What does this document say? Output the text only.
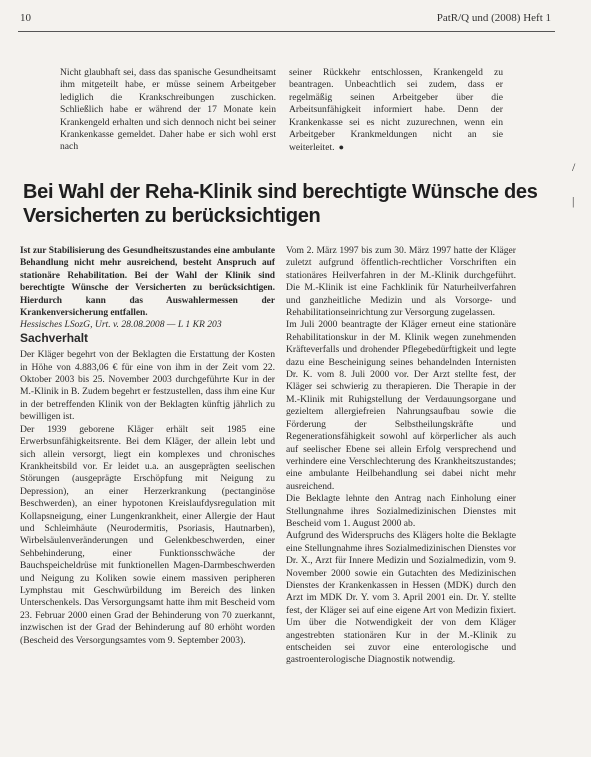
10	PatR/Q und (2008) Heft 1

Nicht glaubhaft sei, dass das spanische Gesundheitsamt ihm mitgeteilt habe, er müsse seinem Arbeitgeber lediglich die Krankschreibungen zuschicken. Schließlich habe er während der 17 Monate kein Krankengeld erhalten und sich dennoch nicht bei seiner Krankenkasse gemeldet. Daher habe er sich wohl erst nach

seiner Rückkehr entschlossen, Krankengeld zu beantragen. Unbeachtlich sei zudem, dass er regelmäßig seinen Arbeitgeber über die Arbeitsunfähigkeit informiert habe. Denn der Krankenkasse sei es nicht zuzurechnen, wenn ein Arbeitgeber Krankmeldungen nicht an sie weiterleitet. ●

/
|
Bei Wahl der Reha-Klinik sind berechtigte Wünsche des
Versicherten zu berücksichtigen

Ist zur Stabilisierung des Gesundheitszustandes eine ambulante Behandlung nicht mehr ausreichend, besteht Anspruch auf stationäre Rehabilitation. Bei der Wahl der Klinik sind berechtigte Wünsche der Versicherten zu berücksichtigen. Hierdurch kann das Auswahlermessen der Krankenversicherung entfallen.

Hessisches LSozG, Urt. v. 28.08.2008 — L 1 KR 203

Sachverhalt

Der Kläger begehrt von der Beklagten die Erstattung der Kosten in Höhe von 4.883,06 € für eine von ihm in der Zeit vom 22. Oktober 2003 bis 25. November 2003 durchgeführte Kur in der M.-Klinik in B. Zudem begehrt er festzustellen, dass ihm eine Kur in der betreffenden Klinik von der Beklagten künftig jährlich zu bewilligen ist.

Der 1939 geborene Kläger erhält seit 1985 eine Erwerbsunfähigkeitsrente. Bei dem Kläger, der allein lebt und sich allein versorgt, liegt ein komplexes und chronisches Krankheitsbild vor. Er leidet u.a. an ausgeprägten seelischen Störungen (ausgeprägte Erschöpfung mit Neigung zu Depression), an einer Herzerkrankung (pectanginöse Beschwerden), an einer hypotonen Kreislaufdysregulation mit Kollapsneigung, einer Lungenkrankheit, einer Allergie der Haut und Schleimhäute (Neurodermitis, Psoriasis, Hautnarben), Wirbelsäulenveränderungen und Gelenkbeschwerden, einer Sehbehinderung, einer Funktionsschwäche der Bauchspeicheldrüse mit funktionellen Magen-Darmbeschwerden und Neigung zu Koliken sowie einem massiven peripheren Lymphstau mit Geschwürbildung im Bereich des linken Unterschenkels. Das Versorgungsamt hatte ihm mit Bescheid vom 23. Februar 2000 einen Grad der Behinderung von 70 zuerkannt, inzwischen ist der Grad der Behinderung auf 80 erhöht worden (Bescheid des Versorgungsamtes vom 9. September 2003).

Vom 2. März 1997 bis zum 30. März 1997 hatte der Kläger zuletzt aufgrund öffentlich-rechtlicher Vorschriften ein stationäres Heilverfahren in der M.-Klinik durchgeführt. Die M.-Klinik ist eine Fachklinik für Naturheilverfahren und ganzheitliche Medizin und als Vorsorge- und Rehabilitationseinrichtung zur Versorgung zugelassen.

Im Juli 2000 beantragte der Kläger erneut eine stationäre Rehabilitationskur in der M. Klinik wegen zunehmenden Kräfteverfalls und drohender Pflegebedürftigkeit und legte dazu eine Bescheinigung seines behandelnden Internisten Dr. K. vom 8. Juli 2000 vor. Der Arzt stellte fest, der Kläger sei schwierig zu therapieren. Die Therapie in der M.-Klinik mit Ruhigstellung der Verdauungsorgane und gezieltem allergiefreien Nahrungsaufbau sowie die Förderung der Selbstheilungskräfte und Regenerationsfähigkeit sowohl auf körperlicher als auch auf seelischer Ebene sei allein Erfolg versprechend und verhindere eine Verschlechterung des Krankheitszustandes; eine ambulante Heilbehandlung sei dabei nicht mehr ausreichend.

Die Beklagte lehnte den Antrag nach Einholung einer Stellungnahme ihres Sozialmedizinischen Dienstes mit Bescheid vom 1. August 2000 ab.

Aufgrund des Widerspruchs des Klägers holte die Beklagte eine Stellungnahme ihres Sozialmedizinischen Dienstes vor Dr. X., Arzt für Innere Medizin und Sozialmedizin, vom 9. November 2000 sowie ein Gutachten des Medizinischen Dienstes der Krankenkassen in Hessen (MDK) durch den Arzt im MDK Dr. Y. vom 3. April 2001 ein. Dr. Y. stellte fest, der Kläger sei auf eine eigene Art von Medizin fixiert. Um über die Notwendigkeit der von dem Kläger angestrebten stationären Kur in der M.-Klinik zu entscheiden sei zuvor eine enterologische und gastroenterologische Diagnostik notwendig.
